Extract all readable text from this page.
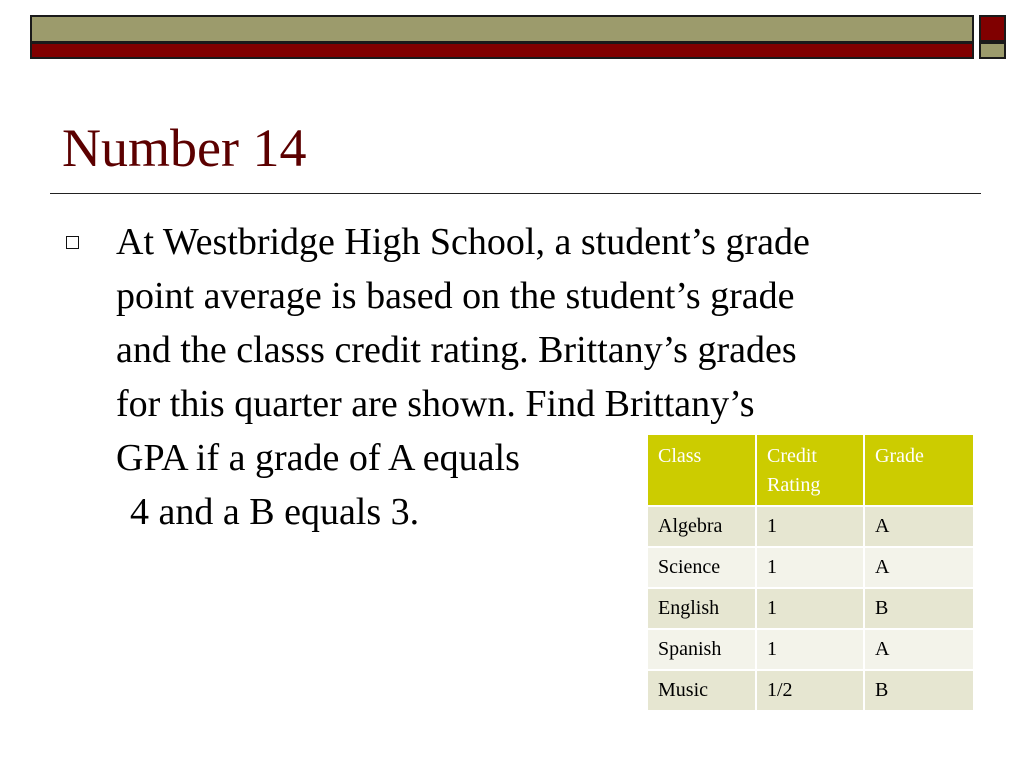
Number 14
At Westbridge High School, a student’s grade
point average is based on the student’s grade
and the classs credit rating. Brittany’s grades
for this quarter are shown. Find Brittany’s
GPA if a grade of A equals
4 and a B equals 3.
Class	Credit Rating	Grade
Algebra	1	A
Science	1	A
English	1	B
Spanish	1	A
Music	1/2	B
